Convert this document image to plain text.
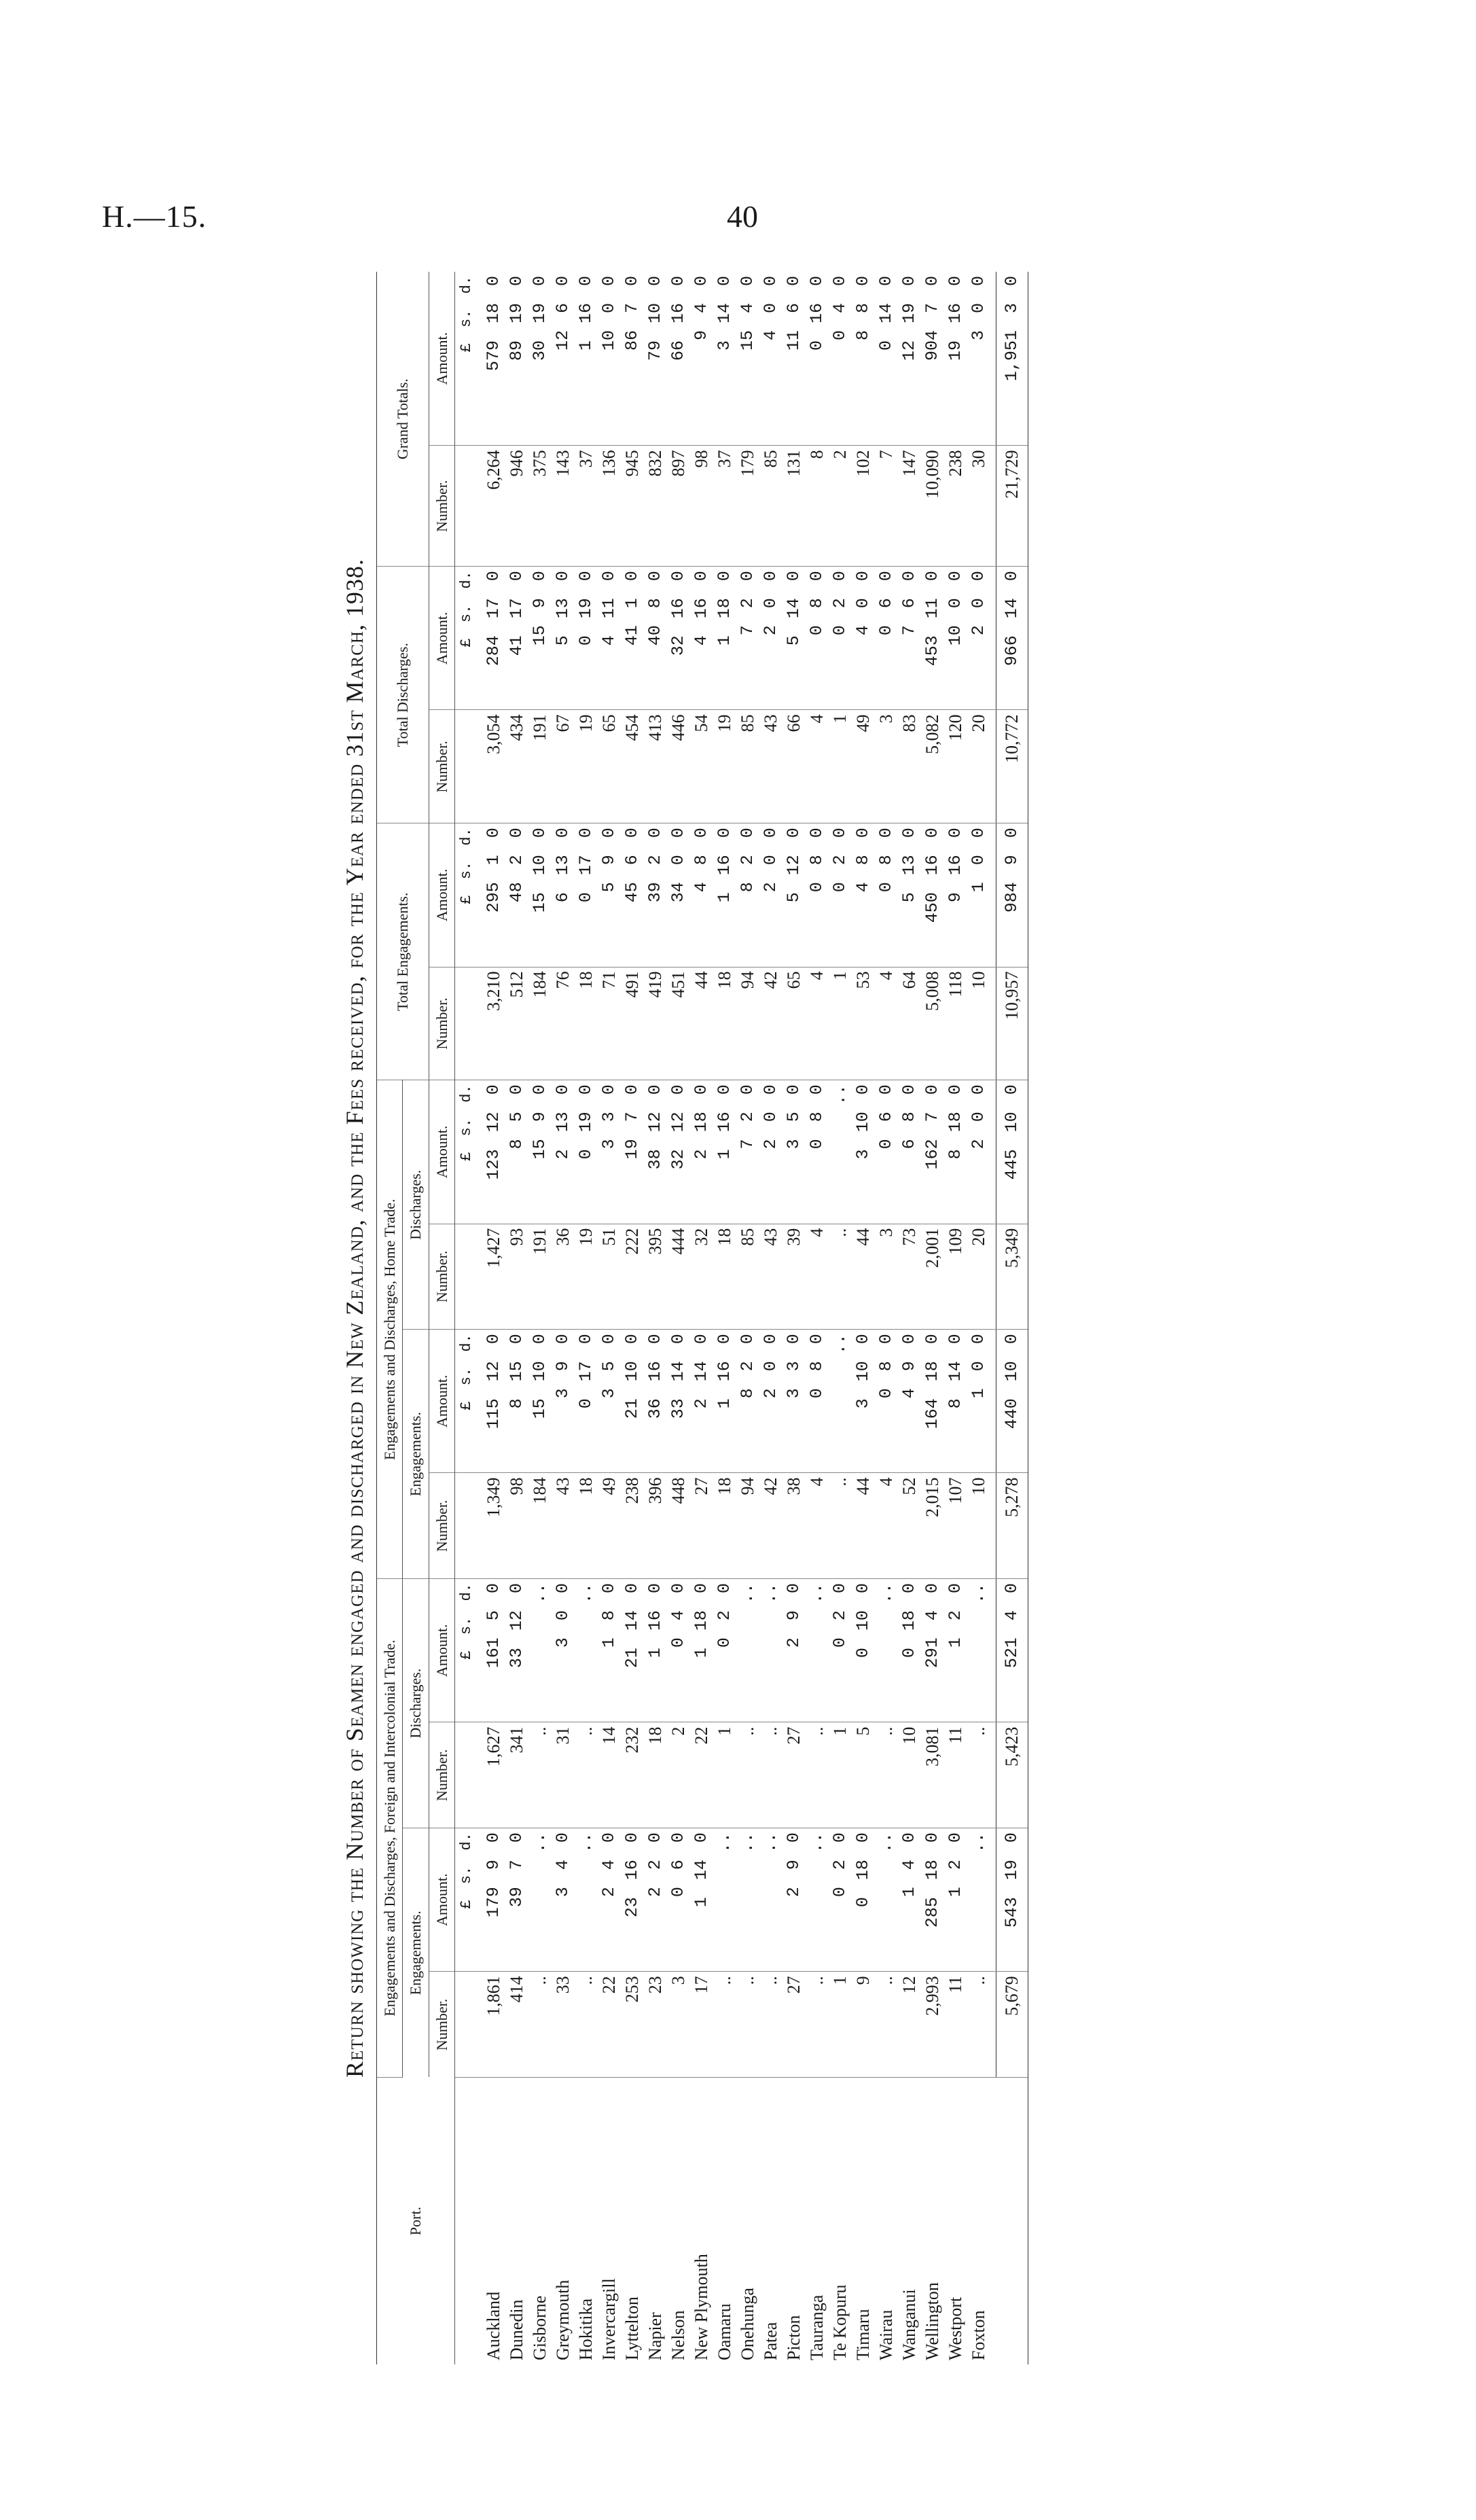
H.—15.	40
Return showing the Number of Seamen engaged and discharged in New Zealand, and the Fees received, for the Year ended 31st March, 1938.
Port.	Engagements and Discharges, Foreign and Intercolonial Trade.				Engagements and Discharges, Home Trade.				Total Engagements.		Total Discharges.		Grand Totals.	
	Engagements.		Discharges.		Engagements.		Discharges.							
	Number.	Amount.	Number.	Amount.	Number.	Amount.	Number.	Amount.	Number.	Amount.	Number.	Amount.	Number.	Amount.
		£ s. d.		£ s. d.		£ s. d.		£ s. d.		£ s. d.		£ s. d.		£ s. d.
Auckland	1,861	179 9 0	1,627	161 5 0	1,349	115 12 0	1,427	123 12 0	3,210	295 1 0	3,054	284 17 0	6,264	579 18 0
Dunedin	414	39 7 0	341	33 12 0	98	8 15 0	93	8 5 0	512	48 2 0	434	41 17 0	946	89 19 0
Gisborne	..	..	..	..	184	15 10 0	191	15 9 0	184	15 10 0	191	15 9 0	375	30 19 0
Greymouth	33	3 4 0	31	3 0 0	43	3 9 0	36	2 13 0	76	6 13 0	67	5 13 0	143	12 6 0
Hokitika	..	..	..	..	18	0 17 0	19	0 19 0	18	0 17 0	19	0 19 0	37	1 16 0
Invercargill	22	2 4 0	14	1 8 0	49	3 5 0	51	3 3 0	71	5 9 0	65	4 11 0	136	10 0 0
Lyttelton	253	23 16 0	232	21 14 0	238	21 10 0	222	19 7 0	491	45 6 0	454	41 1 0	945	86 7 0
Napier	23	2 2 0	18	1 16 0	396	36 16 0	395	38 12 0	419	39 2 0	413	40 8 0	832	79 10 0
Nelson	3	0 6 0	2	0 4 0	448	33 14 0	444	32 12 0	451	34 0 0	446	32 16 0	897	66 16 0
New Plymouth	17	1 14 0	22	1 18 0	27	2 14 0	32	2 18 0	44	4 8 0	54	4 16 0	98	9 4 0
Oamaru	..	..	1	0 2 0	18	1 16 0	18	1 16 0	18	1 16 0	19	1 18 0	37	3 14 0
Onehunga	..	..	..	..	94	8 2 0	85	7 2 0	94	8 2 0	85	7 2 0	179	15 4 0
Patea	..	..	..	..	42	2 0 0	43	2 0 0	42	2 0 0	43	2 0 0	85	4 0 0
Picton	27	2 9 0	27	2 9 0	38	3 3 0	39	3 5 0	65	5 12 0	66	5 14 0	131	11 6 0
Tauranga	..	..	..	..	4	0 8 0	4	0 8 0	4	0 8 0	4	0 8 0	8	0 16 0
Te Kopuru	1	0 2 0	1	0 2 0	..	..	..	..	1	0 2 0	1	0 2 0	2	0 4 0
Timaru	9	0 18 0	5	0 10 0	44	3 10 0	44	3 10 0	53	4 8 0	49	4 0 0	102	8 8 0
Wairau	..	..	..	..	4	0 8 0	3	0 6 0	4	0 8 0	3	0 6 0	7	0 14 0
Wanganui	12	1 4 0	10	0 18 0	52	4 9 0	73	6 8 0	64	5 13 0	83	7 6 0	147	12 19 0
Wellington	2,993	285 18 0	3,081	291 4 0	2,015	164 18 0	2,001	162 7 0	5,008	450 16 0	5,082	453 11 0	10,090	904 7 0
Westport	11	1 2 0	11	1 2 0	107	8 14 0	109	8 18 0	118	9 16 0	120	10 0 0	238	19 16 0
Foxton	..	..	..	..	10	1 0 0	20	2 0 0	10	1 0 0	20	2 0 0	30	3 0 0
	5,679	543 19 0	5,423	521 4 0	5,278	440 10 0	5,349	445 10 0	10,957	984 9 0	10,772	966 14 0	21,729	1,951 3 0
